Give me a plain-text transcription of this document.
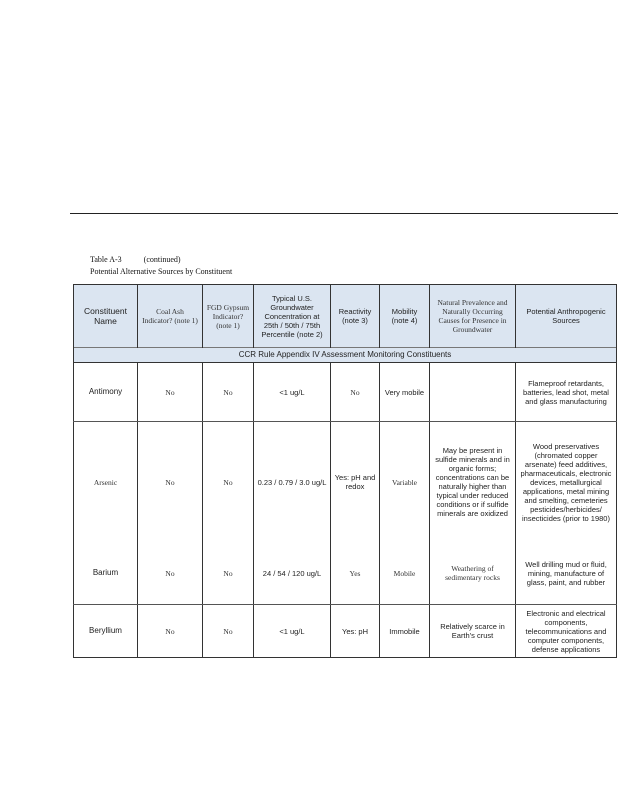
Table A-3	(continued)
Potential Alternative Sources by Constituent
Constituent Name	Coal Ash Indicator? (note 1)	FGD Gypsum Indicator? (note 1)	Typical U.S. Groundwater Concentration at 25th / 50th / 75th Percentile (note 2)	Reactivity (note 3)	Mobility (note 4)	Natural Prevalence and Naturally Occurring Causes for Presence in Groundwater	Potential Anthropogenic Sources
CCR Rule Appendix IV Assessment Monitoring Constituents							
Antimony	No	No	<1 ug/L	No	Very mobile		Flameproof retardants, batteries, lead shot, metal and glass manufacturing
Arsenic	No	No	0.23 / 0.79 / 3.0 ug/L	Yes: pH and redox	Variable	May be present in sulfide minerals and in organic forms; concentrations can be naturally higher than typical under reduced conditions or if sulfide minerals are oxidized	Wood preservatives (chromated copper arsenate) feed additives, pharmaceuticals, electronic devices, metallurgical applications, metal mining and smelting, cemeteries pesticides/herbicides/ insecticides (prior to 1980)
Barium	No	No	24 / 54 / 120 ug/L	Yes	Mobile	Weathering of sedimentary rocks	Well drilling mud or fluid, mining, manufacture of glass, paint, and rubber
Beryllium	No	No	<1 ug/L	Yes: pH	Immobile	Relatively scarce in Earth's crust	Electronic and electrical components, telecommunications and computer components, defense applications
